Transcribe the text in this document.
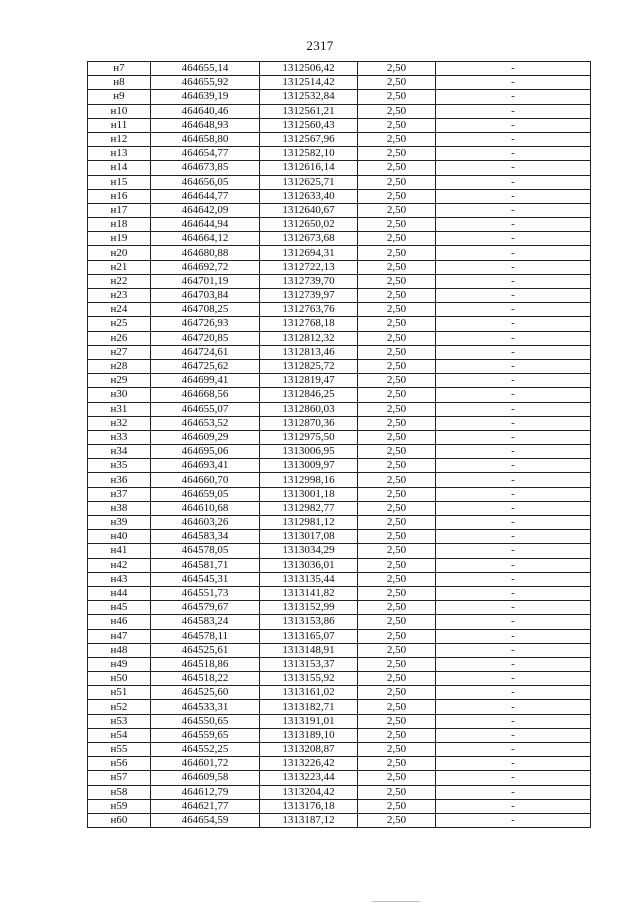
2317
н7	464655,14	1312506,42	2,50	-
н8	464655,92	1312514,42	2,50	-
н9	464639,19	1312532,84	2,50	-
н10	464640,46	1312561,21	2,50	-
н11	464648,93	1312560,43	2,50	-
н12	464658,80	1312567,96	2,50	-
н13	464654,77	1312582,10	2,50	-
н14	464673,85	1312616,14	2,50	-
н15	464656,05	1312625,71	2,50	-
н16	464644,77	1312633,40	2,50	-
н17	464642,09	1312640,67	2,50	-
н18	464644,94	1312650,02	2,50	-
н19	464664,12	1312673,68	2,50	-
н20	464680,88	1312694,31	2,50	-
н21	464692,72	1312722,13	2,50	-
н22	464701,19	1312739,70	2,50	-
н23	464703,84	1312739,97	2,50	-
н24	464708,25	1312763,76	2,50	-
н25	464726,93	1312768,18	2,50	-
н26	464720,85	1312812,32	2,50	-
н27	464724,61	1312813,46	2,50	-
н28	464725,62	1312825,72	2,50	-
н29	464699,41	1312819,47	2,50	-
н30	464668,56	1312846,25	2,50	-
н31	464655,07	1312860,03	2,50	-
н32	464653,52	1312870,36	2,50	-
н33	464609,29	1312975,50	2,50	-
н34	464695,06	1313006,95	2,50	-
н35	464693,41	1313009,97	2,50	-
н36	464660,70	1312998,16	2,50	-
н37	464659,05	1313001,18	2,50	-
н38	464610,68	1312982,77	2,50	-
н39	464603,26	1312981,12	2,50	-
н40	464583,34	1313017,08	2,50	-
н41	464578,05	1313034,29	2,50	-
н42	464581,71	1313036,01	2,50	-
н43	464545,31	1313135,44	2,50	-
н44	464551,73	1313141,82	2,50	-
н45	464579,67	1313152,99	2,50	-
н46	464583,24	1313153,86	2,50	-
н47	464578,11	1313165,07	2,50	-
н48	464525,61	1313148,91	2,50	-
н49	464518,86	1313153,37	2,50	-
н50	464518,22	1313155,92	2,50	-
н51	464525,60	1313161,02	2,50	-
н52	464533,31	1313182,71	2,50	-
н53	464550,65	1313191,01	2,50	-
н54	464559,65	1313189,10	2,50	-
н55	464552,25	1313208,87	2,50	-
н56	464601,72	1313226,42	2,50	-
н57	464609,58	1313223,44	2,50	-
н58	464612,79	1313204,42	2,50	-
н59	464621,77	1313176,18	2,50	-
н60	464654,59	1313187,12	2,50	-
